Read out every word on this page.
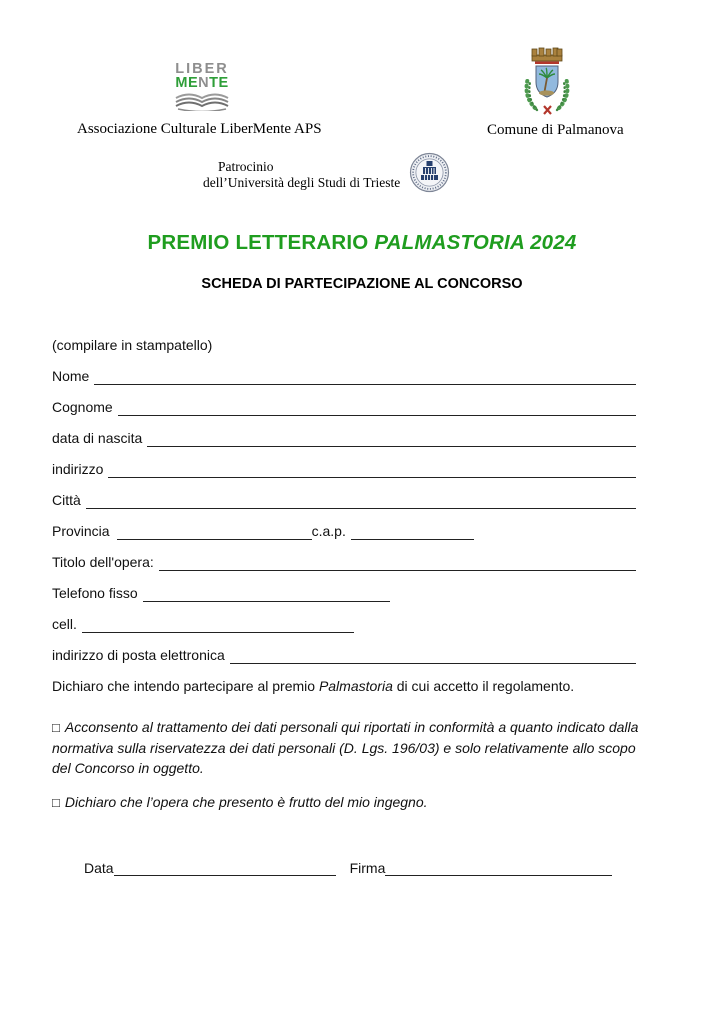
LIBER
MENTE
Associazione Culturale LiberMente APS	Comune di Palmanova
Patrocinio
dell’Università degli Studi di Trieste
PREMIO LETTERARIO PALMASTORIA 2024
SCHEDA DI PARTECIPAZIONE AL CONCORSO
(compilare in stampatello)
Nome
Cognome
data di nascita
indirizzo
Città
Provincia	c.a.p.
Titolo dell'opera:
Telefono fisso
cell.
indirizzo di posta elettronica
Dichiaro che intendo partecipare al premio Palmastoria di cui accetto il regolamento.
□ Acconsento al trattamento dei dati personali qui riportati in conformità a quanto indicato dalla normativa sulla riservatezza dei dati personali (D. Lgs. 196/03) e solo relativamente allo scopo del Concorso in oggetto.
□ Dichiaro che l’opera che presento è frutto del mio ingegno.
Data	Firma
